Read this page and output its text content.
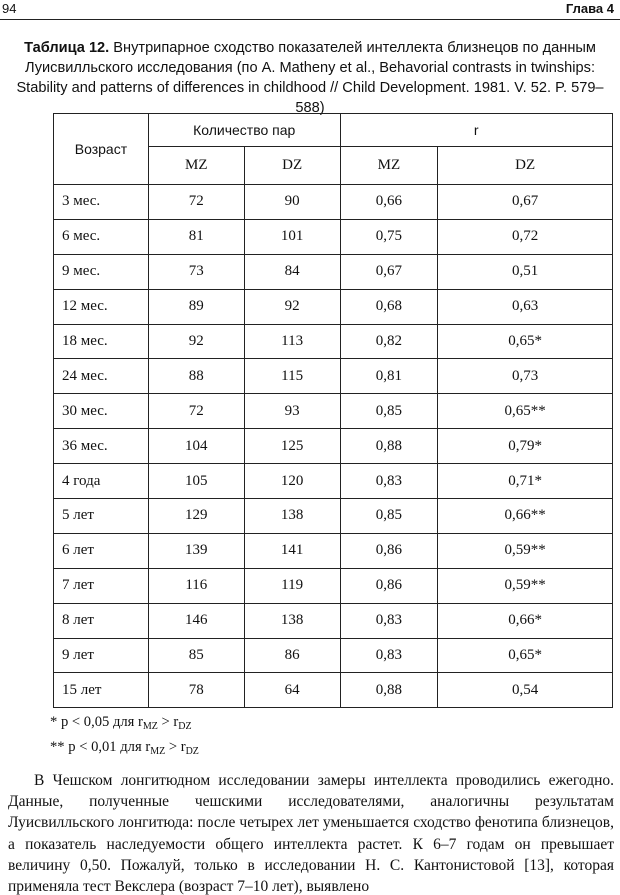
94	Глава 4
Таблица 12. Внутрипарное сходство показателей интеллекта близнецов по данным Луисвилльского исследования (по A. Matheny et al., Behavorial contrasts in twinships: Stability and patterns of differences in childhood // Child Development. 1981. V. 52. P. 579–588)
Возраст	Количество пар		r	
	MZ	DZ	MZ	DZ
3 мес.	72	90	0,66	0,67
6 мес.	81	101	0,75	0,72
9 мес.	73	84	0,67	0,51
12 мес.	89	92	0,68	0,63
18 мес.	92	113	0,82	0,65*
24 мес.	88	115	0,81	0,73
30 мес.	72	93	0,85	0,65**
36 мес.	104	125	0,88	0,79*
4 года	105	120	0,83	0,71*
5 лет	129	138	0,85	0,66**
6 лет	139	141	0,86	0,59**
7 лет	116	119	0,86	0,59**
8 лет	146	138	0,83	0,66*
9 лет	85	86	0,83	0,65*
15 лет	78	64	0,88	0,54
* p < 0,05 для $r_{MZ} > r_{DZ}$
** p < 0,01 для $r_{MZ} > r_{DZ}$

В Чешском лонгитюдном исследовании замеры интеллекта проводились ежегодно. Данные, полученные чешскими исследователями, аналогичны результатам Луисвилльского лонгитюда: после четырех лет уменьшается сходство фенотипа близнецов, а показатель наследуемости общего интеллекта растет. К 6–7 годам он превышает величину 0,50. Пожалуй, только в исследовании Н. С. Кантонистовой [13], которая применяла тест Векслера (возраст 7–10 лет), выявлено
